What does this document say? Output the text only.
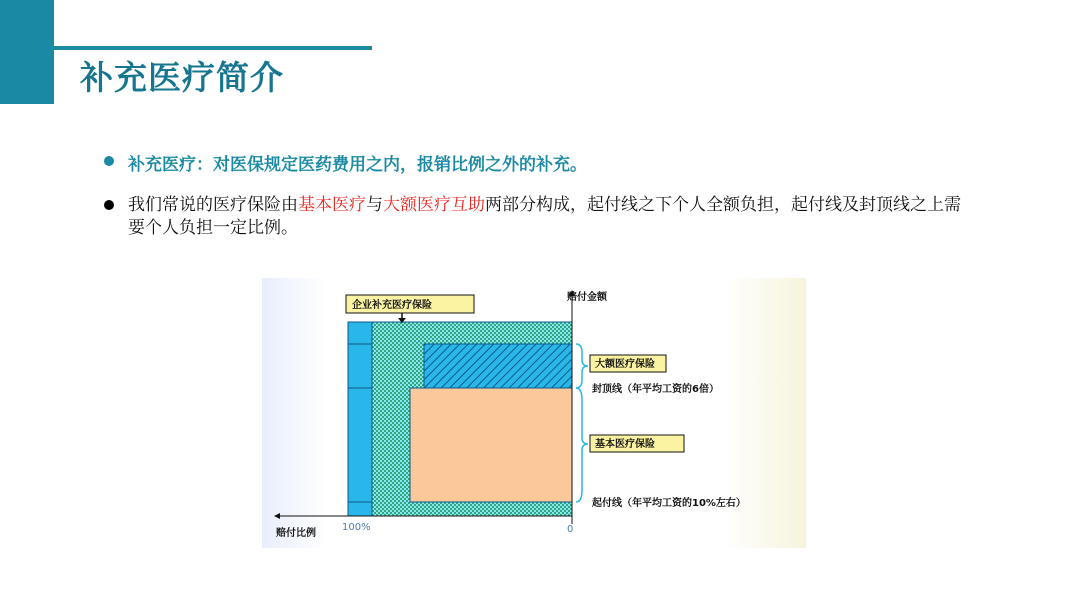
补充医疗简介
补充医疗：对医保规定医药费用之内，报销比例之外的补充。
我们常说的医疗保险由基本医疗与大额医疗互助两部分构成，起付线之下个人全额负担，起付线及封顶线之上需要个人负担一定比例。
企业补充医疗保险
赔付金额
赔付比例
100%	0
大额医疗保险
封顶线（年平均工资的6倍）
基本医疗保险
起付线（年平均工资的10%左右）
